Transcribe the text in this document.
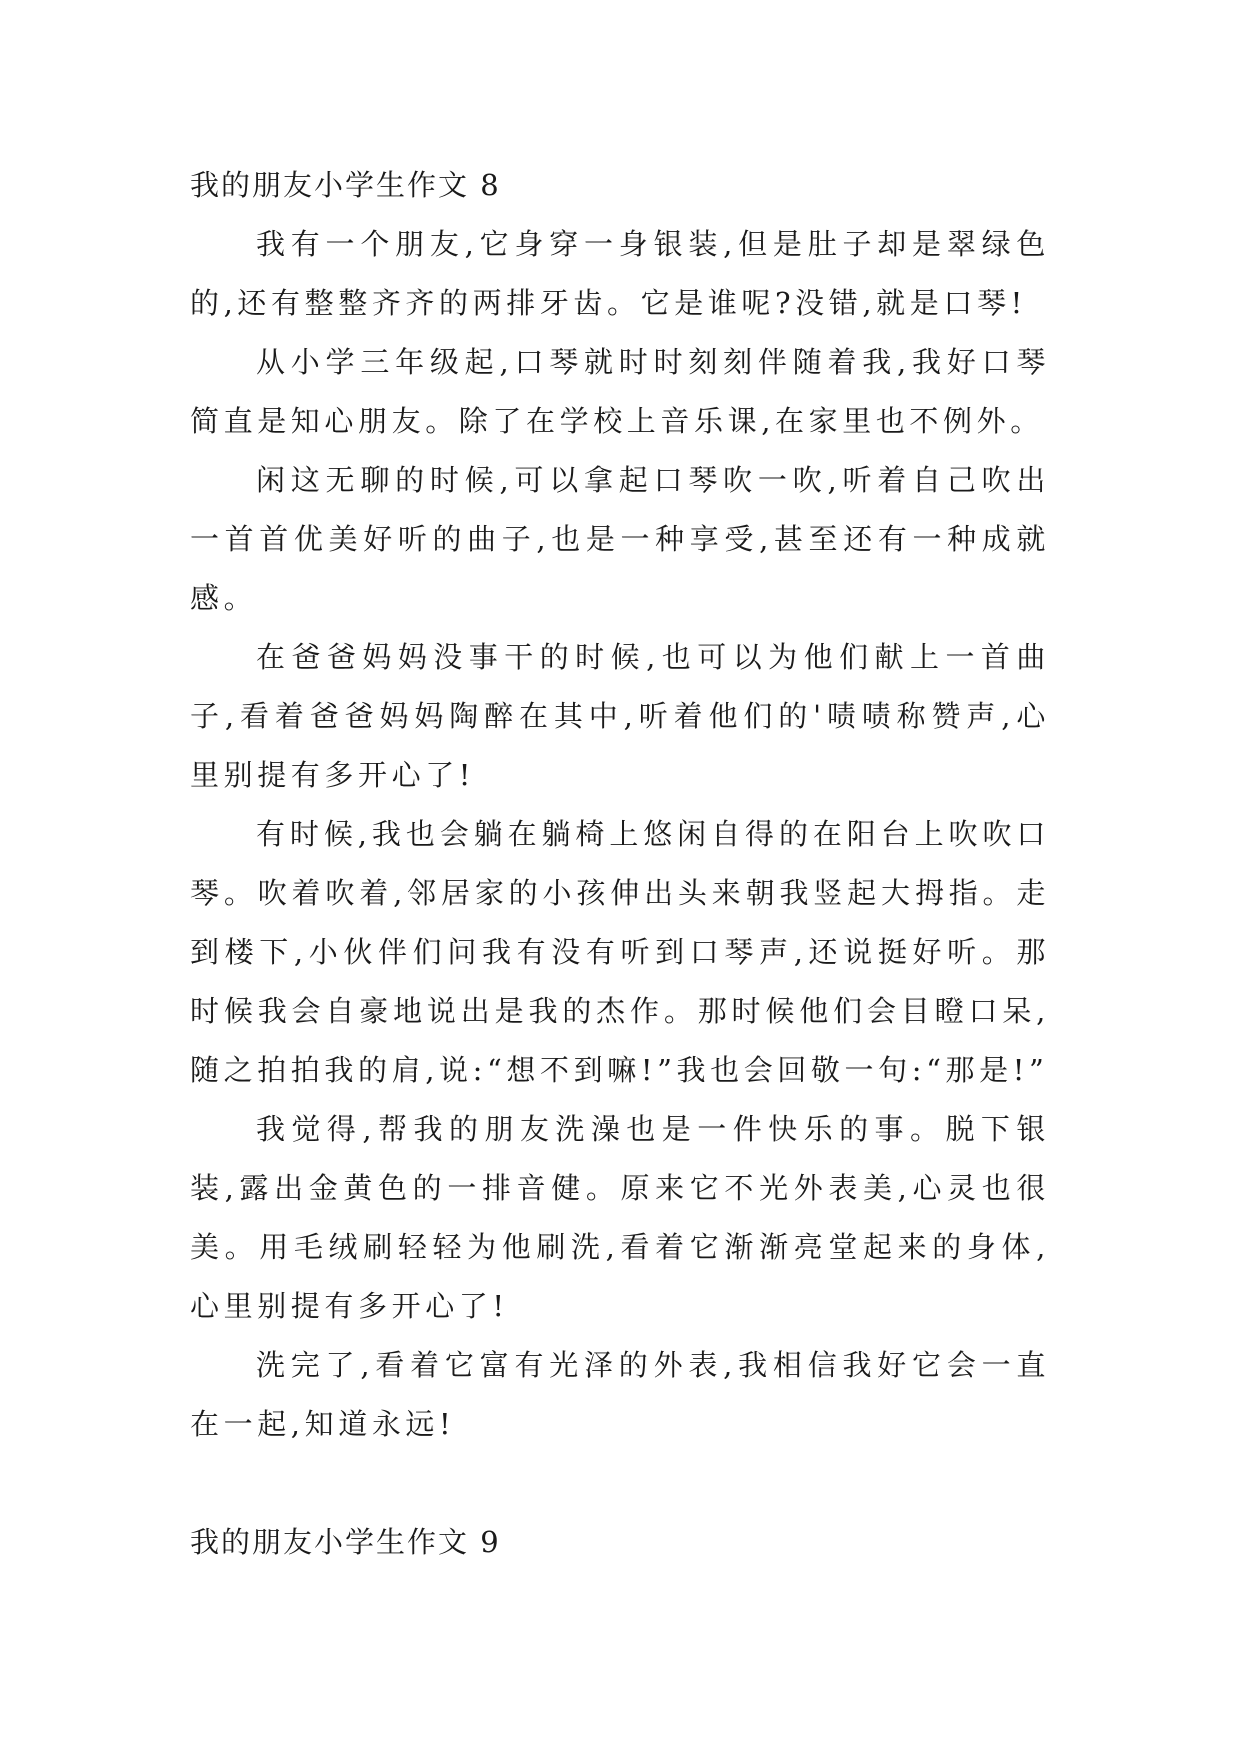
我的朋友小学生作文 8

我有一个朋友,它身穿一身银装,但是肚子却是翠绿色的,还有整整齐齐的两排牙齿。它是谁呢?没错,就是口琴!

从小学三年级起,口琴就时时刻刻伴随着我,我好口琴简直是知心朋友。除了在学校上音乐课,在家里也不例外。

闲这无聊的时候,可以拿起口琴吹一吹,听着自己吹出一首首优美好听的曲子,也是一种享受,甚至还有一种成就感。

在爸爸妈妈没事干的时候,也可以为他们献上一首曲子,看着爸爸妈妈陶醉在其中,听着他们的'啧啧称赞声,心里别提有多开心了!

有时候,我也会躺在躺椅上悠闲自得的在阳台上吹吹口琴。吹着吹着,邻居家的小孩伸出头来朝我竖起大拇指。走到楼下,小伙伴们问我有没有听到口琴声,还说挺好听。那时候我会自豪地说出是我的杰作。那时候他们会目瞪口呆,随之拍拍我的肩,说:“想不到嘛!”我也会回敬一句:“那是!”

我觉得,帮我的朋友洗澡也是一件快乐的事。脱下银装,露出金黄色的一排音健。原来它不光外表美,心灵也很美。用毛绒刷轻轻为他刷洗,看着它渐渐亮堂起来的身体,心里别提有多开心了!

洗完了,看着它富有光泽的外表,我相信我好它会一直在一起,知道永远!

我的朋友小学生作文 9
